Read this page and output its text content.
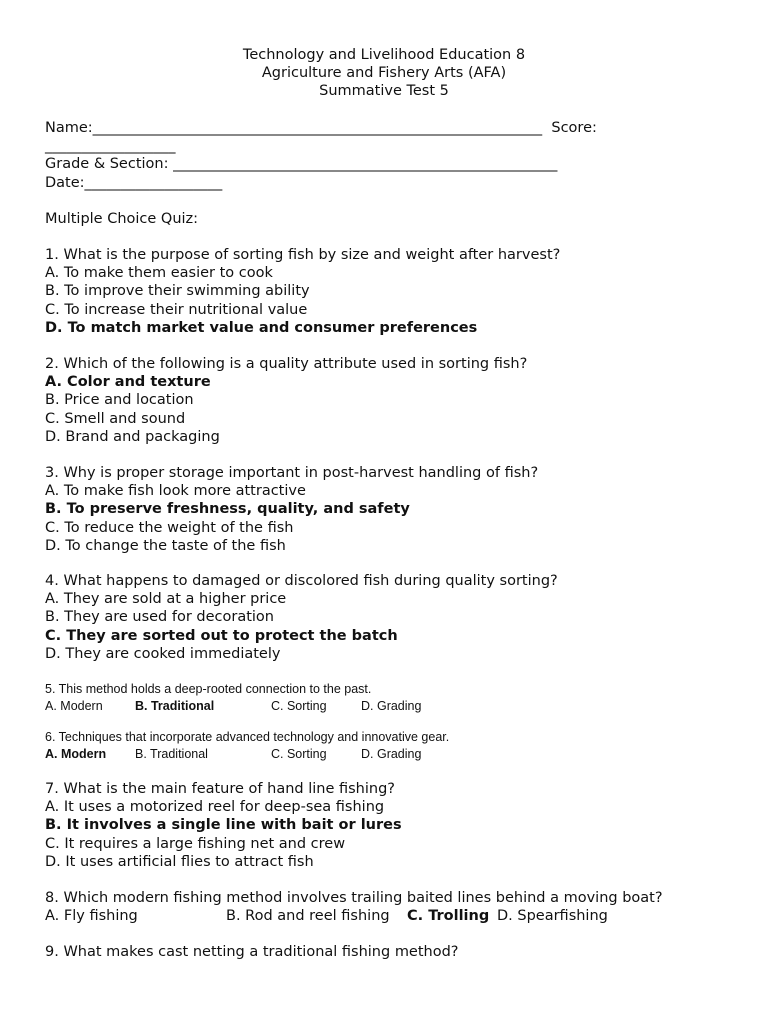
Technology and Livelihood Education 8
Agriculture and Fishery Arts (AFA)
Summative Test 5
Name:______________________________________________________________  Score:
__________________
Grade & Section: _____________________________________________________
Date:___________________
Multiple Choice Quiz:
1. What is the purpose of sorting fish by size and weight after harvest?
A. To make them easier to cook
B. To improve their swimming ability
C. To increase their nutritional value
D. To match market value and consumer preferences
2. Which of the following is a quality attribute used in sorting fish?
A. Color and texture
B. Price and location
C. Smell and sound
D. Brand and packaging
3. Why is proper storage important in post-harvest handling of fish?
A. To make fish look more attractive
B. To preserve freshness, quality, and safety
C. To reduce the weight of the fish
D. To change the taste of the fish
4. What happens to damaged or discolored fish during quality sorting?
A. They are sold at a higher price
B. They are used for decoration
C. They are sorted out to protect the batch
D. They are cooked immediately
5. This method holds a deep-rooted connection to the past.
A. Modern	B. Traditional	C. Sorting	D. Grading
6. Techniques that incorporate advanced technology and innovative gear.
A. Modern B. Traditional	C. Sorting	D. Grading
7. What is the main feature of hand line fishing?
A. It uses a motorized reel for deep-sea fishing
B. It involves a single line with bait or lures
C. It requires a large fishing net and crew
D. It uses artificial flies to attract fish
8. Which modern fishing method involves trailing baited lines behind a moving boat?
A. Fly fishing	B. Rod and reel fishing C. Trolling D. Spearfishing
9. What makes cast netting a traditional fishing method?
